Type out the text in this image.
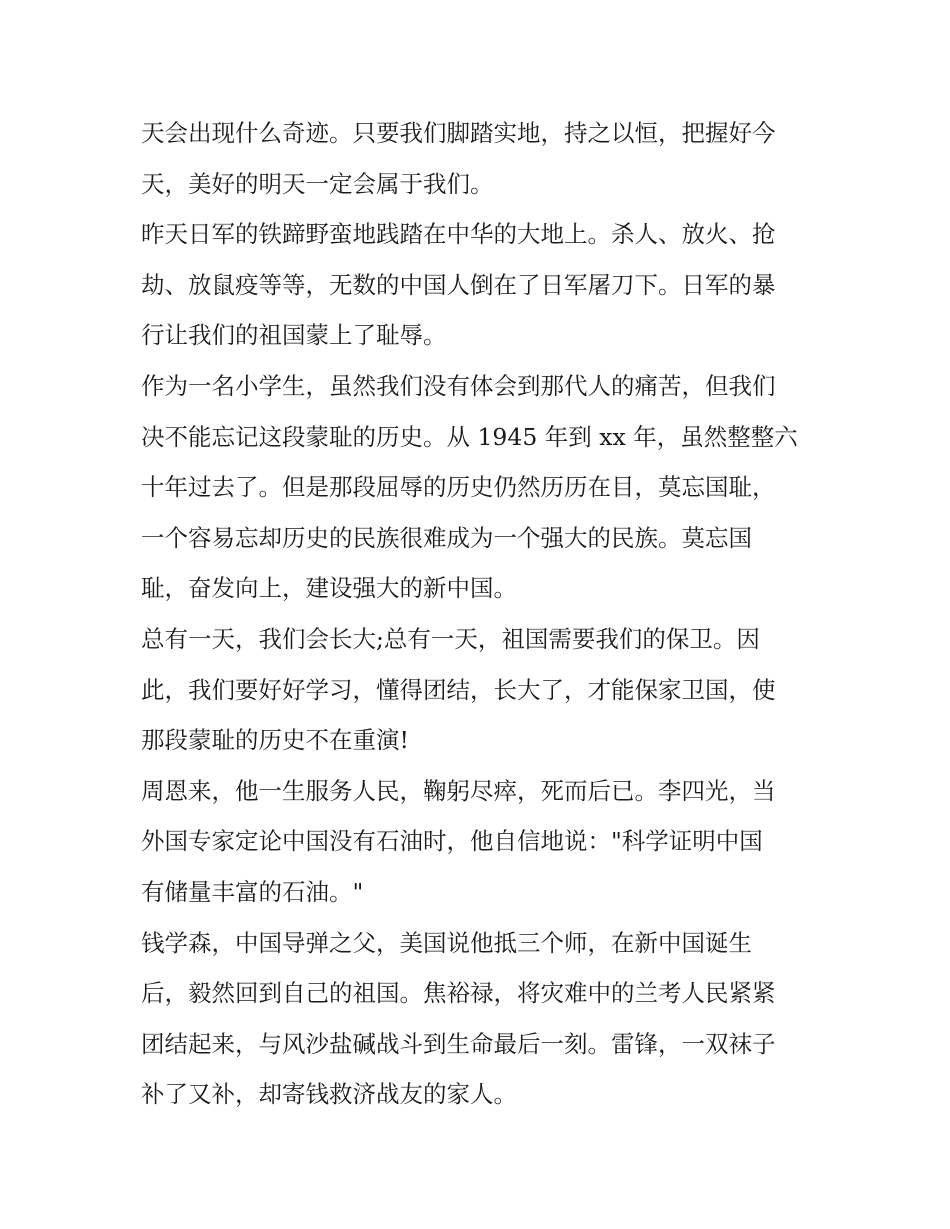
天会出现什么奇迹。只要我们脚踏实地，持之以恒，把握好今
天，美好的明天一定会属于我们。
昨天日军的铁蹄野蛮地践踏在中华的大地上。杀人、放火、抢
劫、放鼠疫等等，无数的中国人倒在了日军屠刀下。日军的暴
行让我们的祖国蒙上了耻辱。
作为一名小学生，虽然我们没有体会到那代人的痛苦，但我们
决不能忘记这段蒙耻的历史。从 1945 年到 xx 年，虽然整整六
十年过去了。但是那段屈辱的历史仍然历历在目，莫忘国耻，
一个容易忘却历史的民族很难成为一个强大的民族。莫忘国
耻，奋发向上，建设强大的新中国。
总有一天，我们会长大;总有一天，祖国需要我们的保卫。因
此，我们要好好学习，懂得团结，长大了，才能保家卫国，使
那段蒙耻的历史不在重演!
周恩来，他一生服务人民，鞠躬尽瘁，死而后已。李四光，当
外国专家定论中国没有石油时，他自信地说："科学证明中国
有储量丰富的石油。"
钱学森，中国导弹之父，美国说他抵三个师，在新中国诞生
后，毅然回到自己的祖国。焦裕禄，将灾难中的兰考人民紧紧
团结起来，与风沙盐碱战斗到生命最后一刻。雷锋，一双袜子
补了又补，却寄钱救济战友的家人。
